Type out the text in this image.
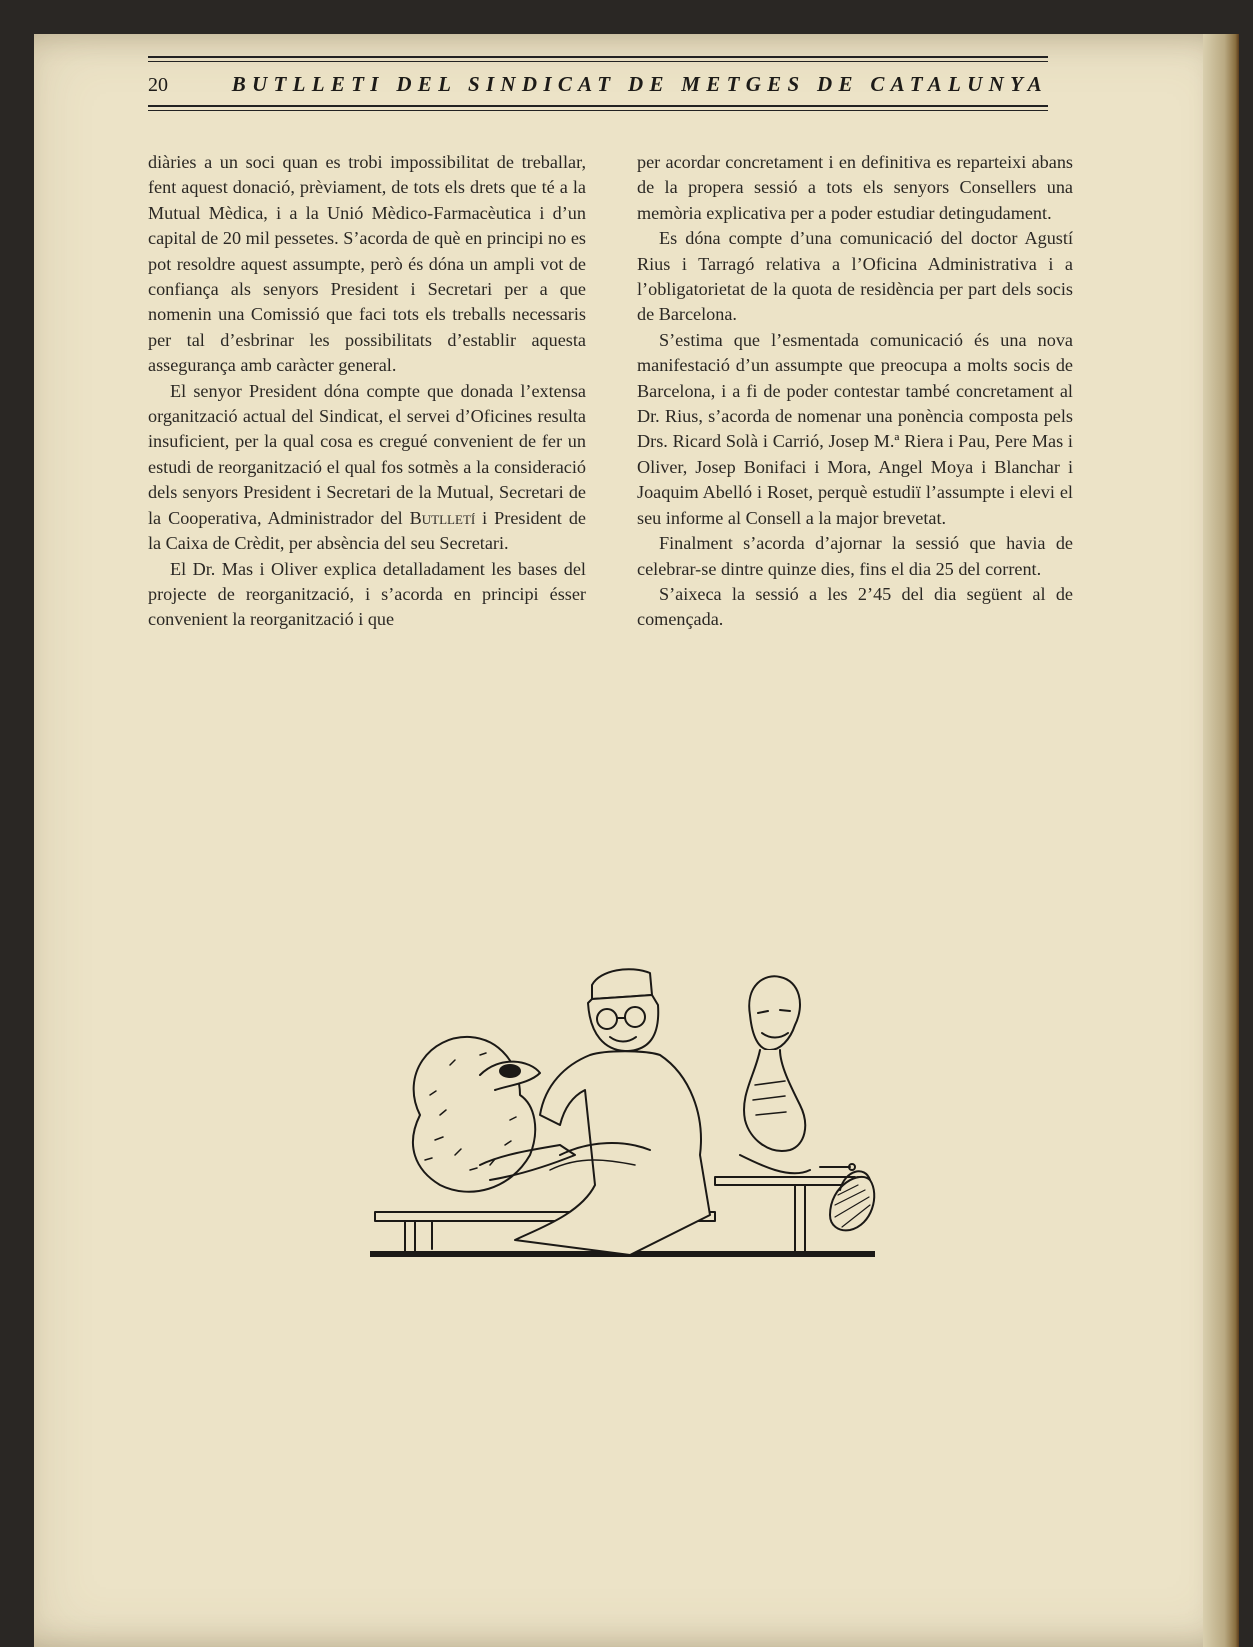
20	BUTLLETI DEL SINDICAT DE METGES DE CATALUNYA

diàries a un soci quan es trobi impossibilitat de treballar, fent aquest donació, prèviament, de tots els drets que té a la Mutual Mèdica, i a la Unió Mèdico-Farmacèutica i d’un capital de 20 mil pessetes. S’acorda de què en principi no es pot resoldre aquest assumpte, però és dóna un ampli vot de confiança als senyors President i Secretari per a que nomenin una Comissió que faci tots els treballs necessaris per tal d’esbrinar les possibilitats d’establir aquesta assegurança amb caràcter general.

El senyor President dóna compte que donada l’extensa organització actual del Sindicat, el servei d’Oficines resulta insuficient, per la qual cosa es cregué convenient de fer un estudi de reorganització el qual fos sotmès a la consideració dels senyors President i Secretari de la Mutual, Secretari de la Cooperativa, Administrador del Butlletí i President de la Caixa de Crèdit, per absència del seu Secretari.

El Dr. Mas i Oliver explica detalladament les bases del projecte de reorganització, i s’acorda en principi ésser convenient la reorganització i que

per acordar concretament i en definitiva es reparteixi abans de la propera sessió a tots els senyors Consellers una memòria explicativa per a poder estudiar detingudament.

Es dóna compte d’una comunicació del doctor Agustí Rius i Tarragó relativa a l’Oficina Administrativa i a l’obligatorietat de la quota de residència per part dels socis de Barcelona.

S’estima que l’esmentada comunicació és una nova manifestació d’un assumpte que preocupa a molts socis de Barcelona, i a fi de poder contestar també concretament al Dr. Rius, s’acorda de nomenar una ponència composta pels Drs. Ricard Solà i Carrió, Josep M.ª Riera i Pau, Pere Mas i Oliver, Josep Bonifaci i Mora, Angel Moya i Blanchar i Joaquim Abelló i Roset, perquè estudiï l’assumpte i elevi el seu informe al Consell a la major brevetat.

Finalment s’acorda d’ajornar la sessió que havia de celebrar-se dintre quinze dies, fins el dia 25 del corrent.

S’aixeca la sessió a les 2’45 del dia següent al de començada.
